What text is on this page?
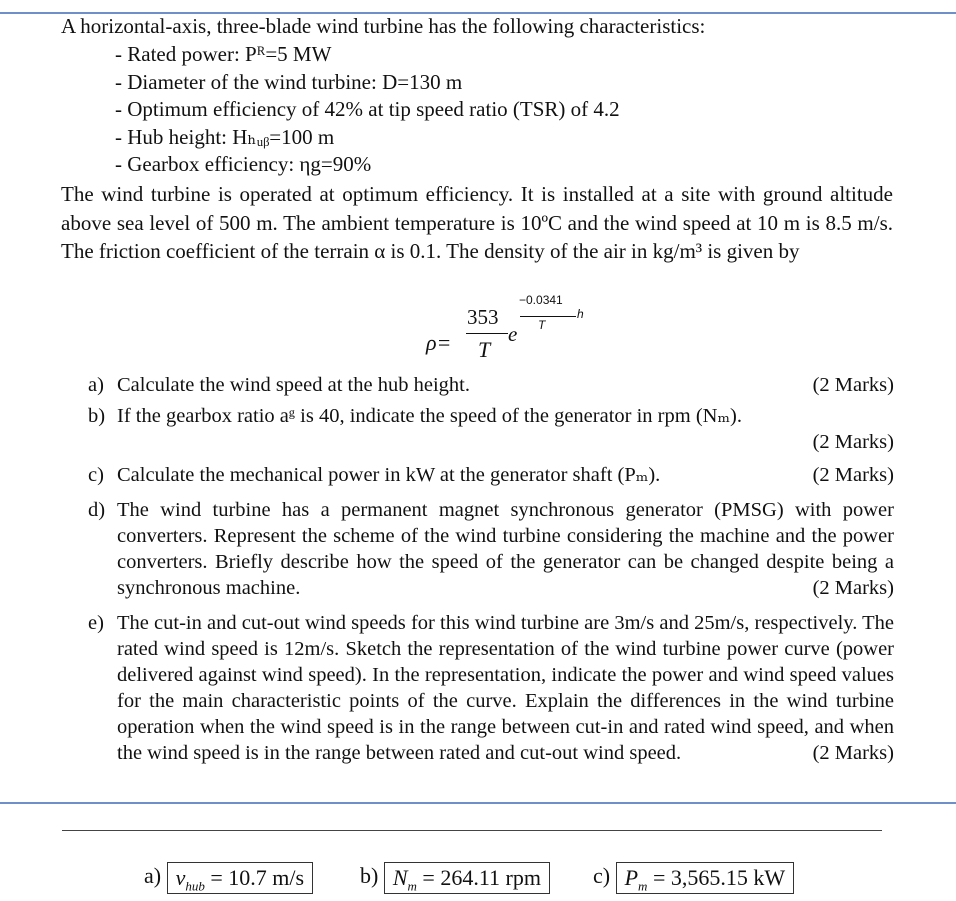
A horizontal-axis, three-blade wind turbine has the following characteristics:
- Rated power: Pᴿ=5 MW
- Diameter of the wind turbine: D=130 m
- Optimum efficiency of 42% at tip speed ratio (TSR) of 4.2
- Hub height: Hₕᵤᵦ=100 m
- Gearbox efficiency: ηg=90%
The wind turbine is operated at optimum efficiency. It is installed at a site with ground altitude above sea level of 500 m. The ambient temperature is 10ºC and the wind speed at 10 m is 8.5 m/s. The friction coefficient of the terrain α is 0.1. The density of the air in kg/m³ is given by
ρ=
353
T
e
−0.0341
T
h
a) Calculate the wind speed at the hub height.	(2 Marks)
b) If the gearbox ratio aᵍ is 40, indicate the speed of the generator in rpm (Nₘ).
(2 Marks)
c) Calculate the mechanical power in kW at the generator shaft (Pₘ).	(2 Marks)
d) The wind turbine has a permanent magnet synchronous generator (PMSG) with power converters. Represent the scheme of the wind turbine considering the machine and the power converters. Briefly describe how the speed of the generator can be changed despite being a synchronous machine.	(2 Marks)
e) The cut-in and cut-out wind speeds for this wind turbine are 3m/s and 25m/s, respectively. The rated wind speed is 12m/s. Sketch the representation of the wind turbine power curve (power delivered against wind speed). In the representation, indicate the power and wind speed values for the main characteristic points of the curve. Explain the differences in the wind turbine operation when the wind speed is in the range between cut-in and rated wind speed, and when the wind speed is in the range between rated and cut-out wind speed.	(2 Marks)
a) $v_{hub} = 10.7$ m/s	b) $N_m = 264.11$ rpm	c) $P_m = 3,565.15$ kW
